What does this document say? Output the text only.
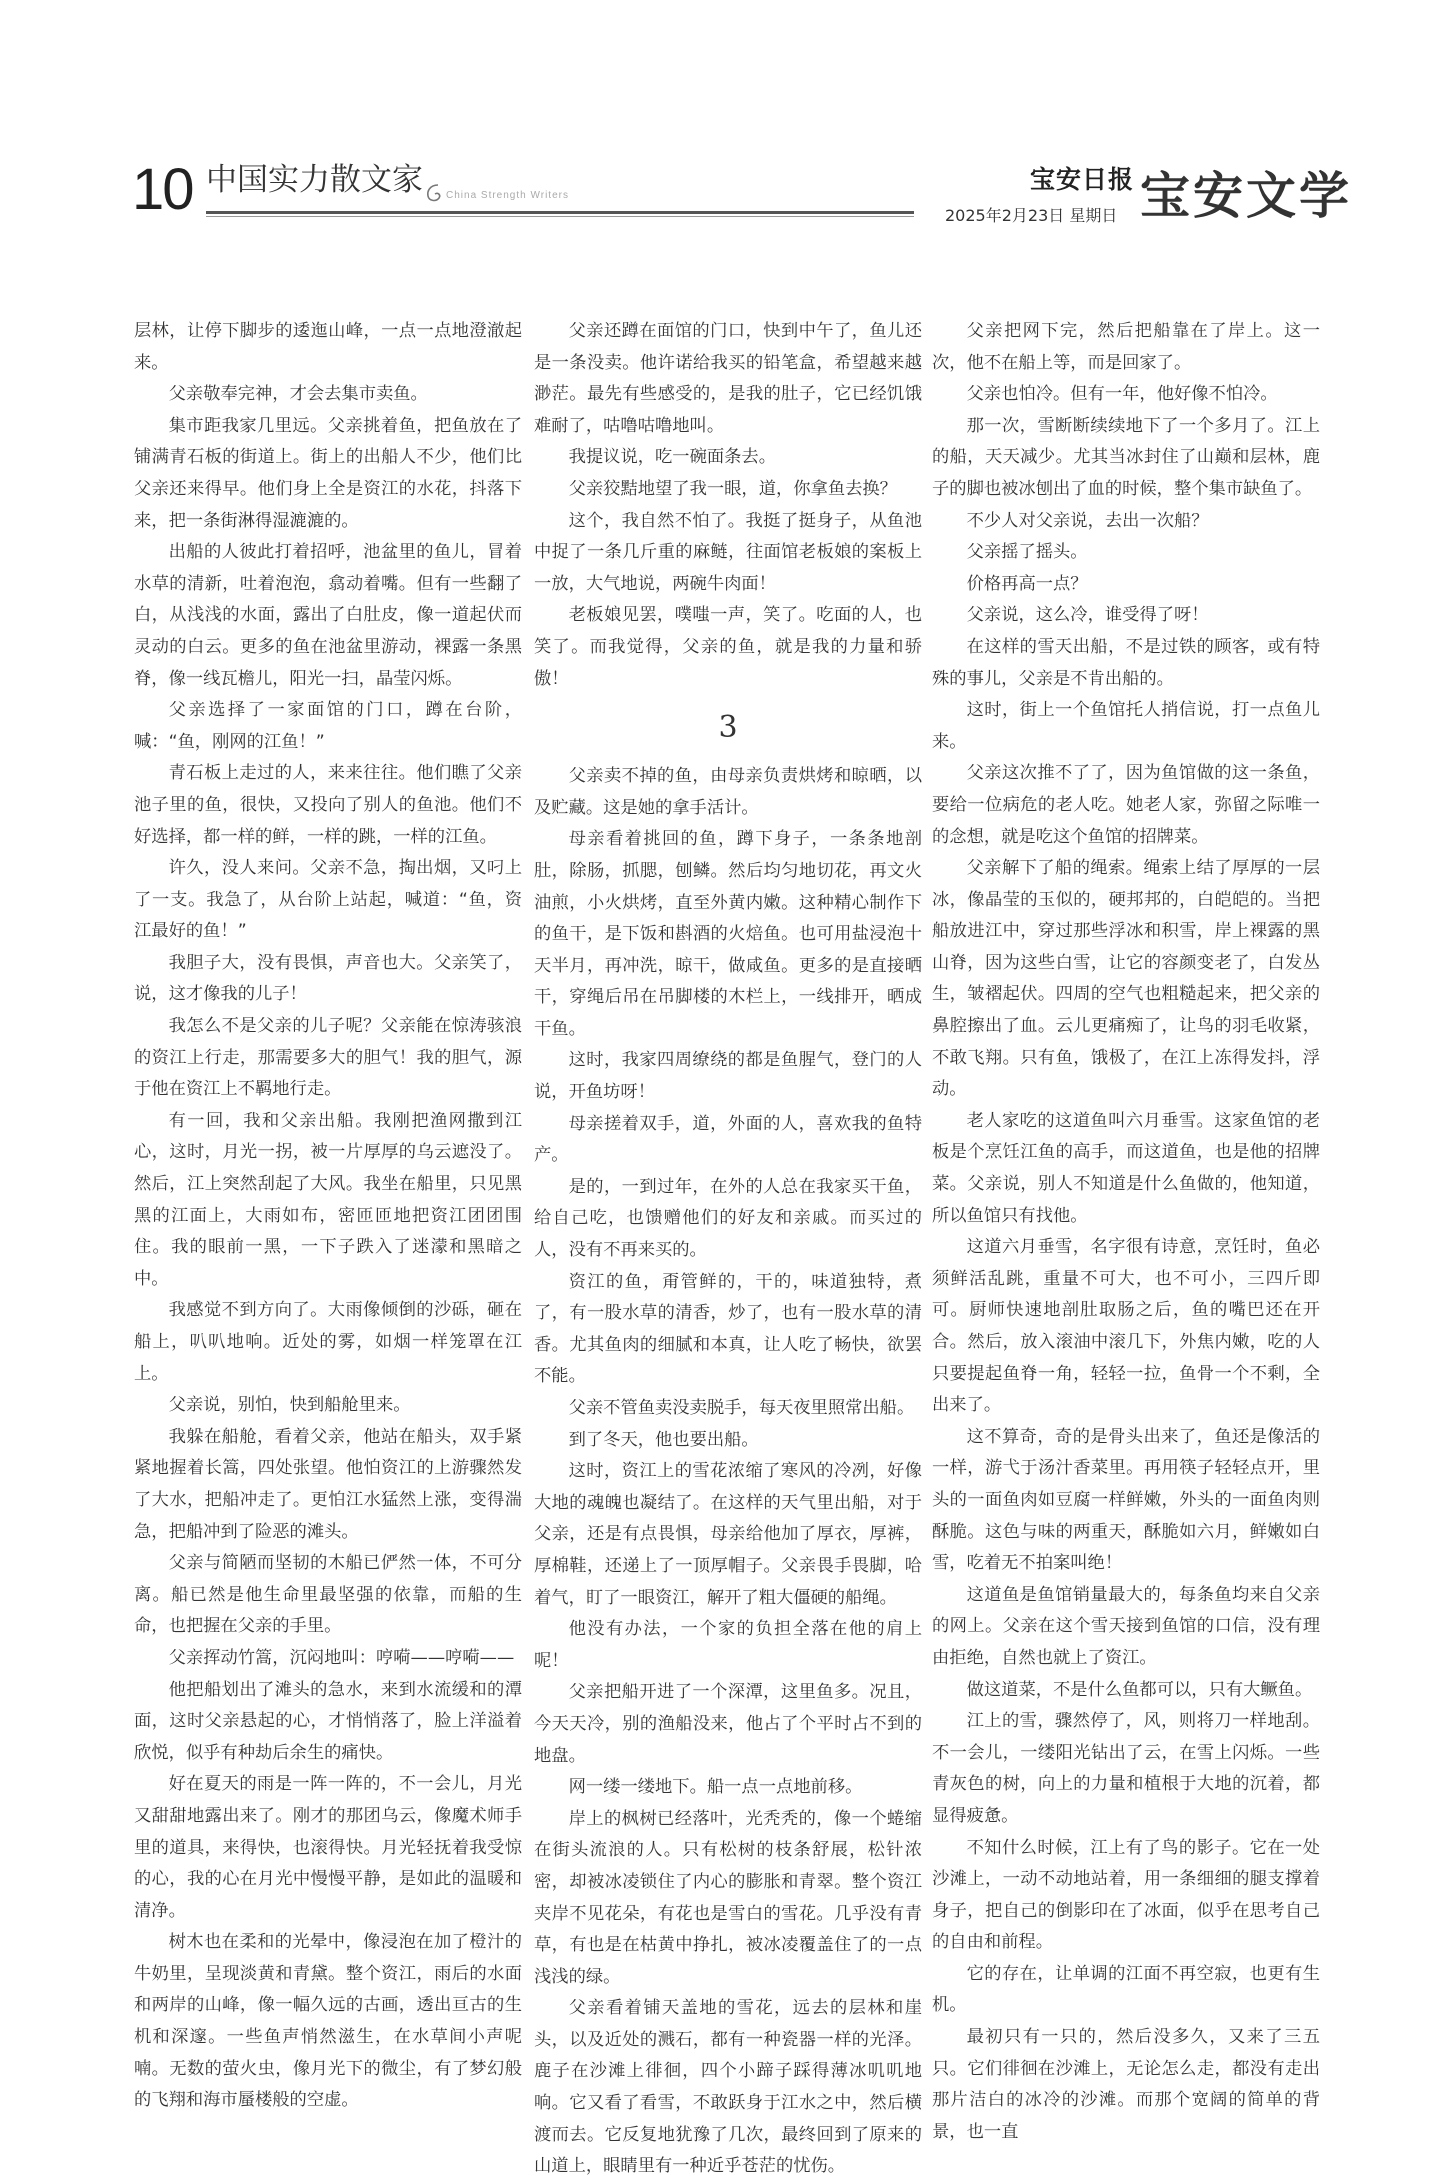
10 中国实力散文家 China Strength Writers
宝安日报
2025年2月23日 星期日 宝安文学

层林，让停下脚步的逶迤山峰，一点一点地澄澈起来。

父亲敬奉完神，才会去集市卖鱼。

集市距我家几里远。父亲挑着鱼，把鱼放在了铺满青石板的街道上。街上的出船人不少，他们比父亲还来得早。他们身上全是资江的水花，抖落下来，把一条街淋得湿漉漉的。

出船的人彼此打着招呼，池盆里的鱼儿，冒着水草的清新，吐着泡泡，翕动着嘴。但有一些翻了白，从浅浅的水面，露出了白肚皮，像一道起伏而灵动的白云。更多的鱼在池盆里游动，裸露一条黑脊，像一线瓦檐儿，阳光一扫，晶莹闪烁。

父亲选择了一家面馆的门口，蹲在台阶，喊：“鱼，刚网的江鱼！”

青石板上走过的人，来来往往。他们瞧了父亲池子里的鱼，很快，又投向了别人的鱼池。他们不好选择，都一样的鲜，一样的跳，一样的江鱼。

许久，没人来问。父亲不急，掏出烟，又叼上了一支。我急了，从台阶上站起，喊道：“鱼，资江最好的鱼！”

我胆子大，没有畏惧，声音也大。父亲笑了，说，这才像我的儿子！

我怎么不是父亲的儿子呢？父亲能在惊涛骇浪的资江上行走，那需要多大的胆气！我的胆气，源于他在资江上不羁地行走。

有一回，我和父亲出船。我刚把渔网撒到江心，这时，月光一拐，被一片厚厚的乌云遮没了。然后，江上突然刮起了大风。我坐在船里，只见黑黑的江面上，大雨如布，密匝匝地把资江团团围住。我的眼前一黑，一下子跌入了迷濛和黑暗之中。

我感觉不到方向了。大雨像倾倒的沙砾，砸在船上，叭叭地响。近处的雾，如烟一样笼罩在江上。

父亲说，别怕，快到船舱里来。

我躲在船舱，看着父亲，他站在船头，双手紧紧地握着长篙，四处张望。他怕资江的上游骤然发了大水，把船冲走了。更怕江水猛然上涨，变得湍急，把船冲到了险恶的滩头。

父亲与简陋而坚韧的木船已俨然一体，不可分离。船已然是他生命里最坚强的依靠，而船的生命，也把握在父亲的手里。

父亲挥动竹篙，沉闷地叫：哼嗬——哼嗬——

他把船划出了滩头的急水，来到水流缓和的潭面，这时父亲悬起的心，才悄悄落了，脸上洋溢着欣悦，似乎有种劫后余生的痛快。

好在夏天的雨是一阵一阵的，不一会儿，月光又甜甜地露出来了。刚才的那团乌云，像魔术师手里的道具，来得快，也滚得快。月光轻抚着我受惊的心，我的心在月光中慢慢平静，是如此的温暖和清净。

树木也在柔和的光晕中，像浸泡在加了橙汁的牛奶里，呈现淡黄和青黛。整个资江，雨后的水面和两岸的山峰，像一幅久远的古画，透出亘古的生机和深邃。一些鱼声悄然滋生，在水草间小声呢喃。无数的萤火虫，像月光下的微尘，有了梦幻般的飞翔和海市蜃楼般的空虚。

父亲还蹲在面馆的门口，快到中午了，鱼儿还是一条没卖。他许诺给我买的铅笔盒，希望越来越渺茫。最先有些感受的，是我的肚子，它已经饥饿难耐了，咕噜咕噜地叫。

我提议说，吃一碗面条去。

父亲狡黠地望了我一眼，道，你拿鱼去换？

这个，我自然不怕了。我挺了挺身子，从鱼池中捉了一条几斤重的麻鲢，往面馆老板娘的案板上一放，大气地说，两碗牛肉面！

老板娘见罢，噗嗤一声，笑了。吃面的人，也笑了。而我觉得，父亲的鱼，就是我的力量和骄傲！

3

父亲卖不掉的鱼，由母亲负责烘烤和晾晒，以及贮藏。这是她的拿手活计。

母亲看着挑回的鱼，蹲下身子，一条条地剖肚，除肠，抓腮，刨鳞。然后均匀地切花，再文火油煎，小火烘烤，直至外黄内嫩。这种精心制作下的鱼干，是下饭和斟酒的火焙鱼。也可用盐浸泡十天半月，再冲洗，晾干，做咸鱼。更多的是直接晒干，穿绳后吊在吊脚楼的木栏上，一线排开，晒成干鱼。

这时，我家四周缭绕的都是鱼腥气，登门的人说，开鱼坊呀！

母亲搓着双手，道，外面的人，喜欢我的鱼特产。

是的，一到过年，在外的人总在我家买干鱼，给自己吃，也馈赠他们的好友和亲戚。而买过的人，没有不再来买的。

资江的鱼，甭管鲜的，干的，味道独特，煮了，有一股水草的清香，炒了，也有一股水草的清香。尤其鱼肉的细腻和本真，让人吃了畅快，欲罢不能。

父亲不管鱼卖没卖脱手，每天夜里照常出船。

到了冬天，他也要出船。

这时，资江上的雪花浓缩了寒风的冷冽，好像大地的魂魄也凝结了。在这样的天气里出船，对于父亲，还是有点畏惧，母亲给他加了厚衣，厚裤，厚棉鞋，还递上了一顶厚帽子。父亲畏手畏脚，哈着气，盯了一眼资江，解开了粗大僵硬的船绳。

他没有办法，一个家的负担全落在他的肩上呢！

父亲把船开进了一个深潭，这里鱼多。况且，今天天冷，别的渔船没来，他占了个平时占不到的地盘。

网一缕一缕地下。船一点一点地前移。

岸上的枫树已经落叶，光秃秃的，像一个蜷缩在街头流浪的人。只有松树的枝条舒展，松针浓密，却被冰凌锁住了内心的膨胀和青翠。整个资江夹岸不见花朵，有花也是雪白的雪花。几乎没有青草，有也是在枯黄中挣扎，被冰凌覆盖住了的一点浅浅的绿。

父亲看着铺天盖地的雪花，远去的层林和崖头，以及近处的溅石，都有一种瓷器一样的光泽。鹿子在沙滩上徘徊，四个小蹄子踩得薄冰叽叽地响。它又看了看雪，不敢跃身于江水之中，然后横渡而去。它反复地犹豫了几次，最终回到了原来的山道上，眼睛里有一种近乎苍茫的忧伤。

父亲把网下完，然后把船靠在了岸上。这一次，他不在船上等，而是回家了。

父亲也怕冷。但有一年，他好像不怕冷。

那一次，雪断断续续地下了一个多月了。江上的船，天天减少。尤其当冰封住了山巅和层林，鹿子的脚也被冰刨出了血的时候，整个集市缺鱼了。

不少人对父亲说，去出一次船？

父亲摇了摇头。

价格再高一点？

父亲说，这么冷，谁受得了呀！

在这样的雪天出船，不是过铁的顾客，或有特殊的事儿，父亲是不肯出船的。

这时，街上一个鱼馆托人捎信说，打一点鱼儿来。

父亲这次推不了了，因为鱼馆做的这一条鱼，要给一位病危的老人吃。她老人家，弥留之际唯一的念想，就是吃这个鱼馆的招牌菜。

父亲解下了船的绳索。绳索上结了厚厚的一层冰，像晶莹的玉似的，硬邦邦的，白皑皑的。当把船放进江中，穿过那些浮冰和积雪，岸上裸露的黑山脊，因为这些白雪，让它的容颜变老了，白发丛生，皱褶起伏。四周的空气也粗糙起来，把父亲的鼻腔擦出了血。云儿更痛痴了，让鸟的羽毛收紧，不敢飞翔。只有鱼，饿极了，在江上冻得发抖，浮动。

老人家吃的这道鱼叫六月垂雪。这家鱼馆的老板是个烹饪江鱼的高手，而这道鱼，也是他的招牌菜。父亲说，别人不知道是什么鱼做的，他知道，所以鱼馆只有找他。

这道六月垂雪，名字很有诗意，烹饪时，鱼必须鲜活乱跳，重量不可大，也不可小，三四斤即可。厨师快速地剖肚取肠之后，鱼的嘴巴还在开合。然后，放入滚油中滚几下，外焦内嫩，吃的人只要提起鱼脊一角，轻轻一拉，鱼骨一个不剩，全出来了。

这不算奇，奇的是骨头出来了，鱼还是像活的一样，游弋于汤汁香菜里。再用筷子轻轻点开，里头的一面鱼肉如豆腐一样鲜嫩，外头的一面鱼肉则酥脆。这色与味的两重天，酥脆如六月，鲜嫩如白雪，吃着无不拍案叫绝！

这道鱼是鱼馆销量最大的，每条鱼均来自父亲的网上。父亲在这个雪天接到鱼馆的口信，没有理由拒绝，自然也就上了资江。

做这道菜，不是什么鱼都可以，只有大鳜鱼。

江上的雪，骤然停了，风，则将刀一样地刮。不一会儿，一缕阳光钻出了云，在雪上闪烁。一些青灰色的树，向上的力量和植根于大地的沉着，都显得疲惫。

不知什么时候，江上有了鸟的影子。它在一处沙滩上，一动不动地站着，用一条细细的腿支撑着身子，把自己的倒影印在了冰面，似乎在思考自己的自由和前程。

它的存在，让单调的江面不再空寂，也更有生机。

最初只有一只的，然后没多久，又来了三五只。它们徘徊在沙滩上，无论怎么走，都没有走出那片洁白的冰冷的沙滩。而那个宽阔的简单的背景，也一直
